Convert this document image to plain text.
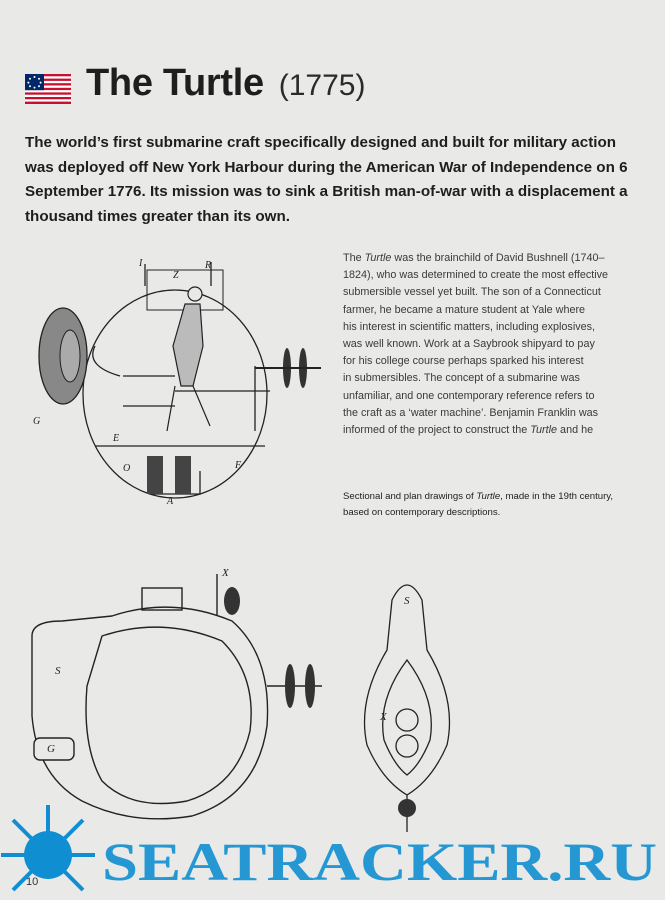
The Turtle (1775)

The world’s first submarine craft specifically designed and built for military action was deployed off New York Harbour during the American War of Independence on 6 September 1776. Its mission was to sink a British man-of-war with a displacement a thousand times greater than its own.

I
Z
R
G
E
F
O
A

The Turtle was the brainchild of David Bushnell (1740–
1824), who was determined to create the most effective
submersible vessel yet built. The son of a Connecticut
farmer, he became a mature student at Yale where
his interest in scientific matters, including explosives,
was well known. Work at a Saybrook shipyard to pay
for his college course perhaps sparked his interest
in submersibles. The concept of a submarine was
unfamiliar, and one contemporary reference refers to
the craft as a ‘water machine’. Benjamin Franklin was
informed of the project to construct the Turtle and he

Sectional and plan drawings of Turtle, made in the 19th century,
based on contemporary descriptions.

S
G
X
S
X
SEATRACKER.RU
10
